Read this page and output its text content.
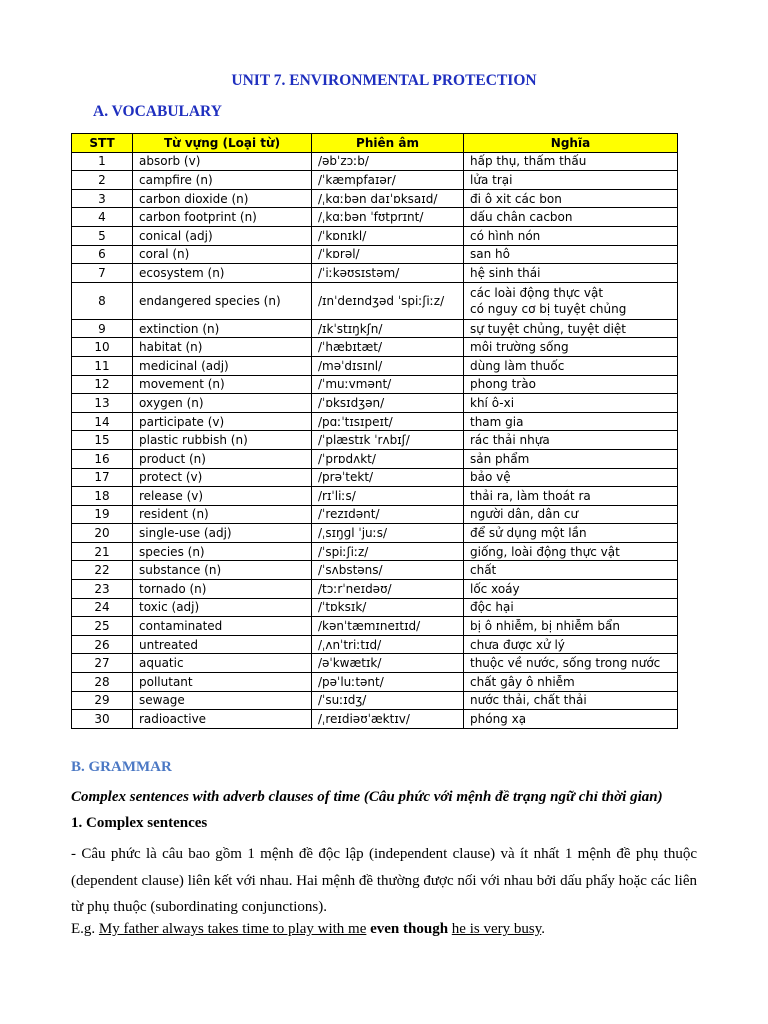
UNIT 7. ENVIRONMENTAL PROTECTION
A. VOCABULARY
STT	Từ vựng (Loại từ)	Phiên âm	Nghĩa
1	absorb (v)	/əbˈzɔːb/	hấp thụ, thấm thấu
2	campfire (n)	/ˈkæmpfaɪər/	lửa trại
3	carbon dioxide (n)	/ˌkɑːbən daɪˈɒksaɪd/	đi ô xit các bon
4	carbon footprint (n)	/ˌkɑːbən ˈfʊtprɪnt/	dấu chân cacbon
5	conical (adj)	/ˈkɒnɪkl/	có hình nón
6	coral (n)	/ˈkɒrəl/	san hô
7	ecosystem (n)	/ˈiːkəʊsɪstəm/	hệ sinh thái
8	endangered species (n)	/ɪnˈdeɪndʒəd ˈspiːʃiːz/	các loài động thực vật
có nguy cơ bị tuyệt chủng

9	extinction (n)	/ɪkˈstɪŋkʃn/	sự tuyệt chủng, tuyệt diệt
10	habitat (n)	/ˈhæbɪtæt/	môi trường sống
11	medicinal (adj)	/məˈdɪsɪnl/	dùng làm thuốc
12	movement (n)	/ˈmuːvmənt/	phong trào
13	oxygen (n)	/ˈɒksɪdʒən/	khí ô-xi
14	participate (v)	/pɑːˈtɪsɪpeɪt/	tham gia
15	plastic rubbish (n)	/ˈplæstɪk ˈrʌbɪʃ/	rác thải nhựa
16	product (n)	/ˈprɒdʌkt/	sản phẩm
17	protect (v)	/prəˈtekt/	bảo vệ
18	release (v)	/rɪˈliːs/	thải ra, làm thoát ra
19	resident (n)	/ˈrezɪdənt/	người dân, dân cư
20	single-use (adj)	/ˌsɪŋɡl ˈjuːs/	để sử dụng một lần
21	species (n)	/ˈspiːʃiːz/	giống, loài động thực vật
22	substance (n)	/ˈsʌbstəns/	chất
23	tornado (n)	/tɔːrˈneɪdəʊ/	lốc xoáy
24	toxic (adj)	/ˈtɒksɪk/	độc hại
25	contaminated	/kənˈtæmɪneɪtɪd/	bị ô nhiễm, bị nhiễm bẩn
26	untreated	/ˌʌnˈtriːtɪd/	chưa được xử lý
27	aquatic	/əˈkwætɪk/	thuộc về nước, sống trong nước
28	pollutant	/pəˈluːtənt/	chất gây ô nhiễm
29	sewage	/ˈsuːɪdʒ/	nước thải, chất thải
30	radioactive	/ˌreɪdiəʊˈæktɪv/	phóng xạ
B. GRAMMAR
Complex sentences with adverb clauses of time (Câu phức với mệnh đề trạng ngữ chỉ thời gian)
1. Complex sentences
- Câu phức là câu bao gồm 1 mệnh đề độc lập (independent clause) và ít nhất 1 mệnh đề phụ thuộc (dependent clause) liên kết với nhau. Hai mệnh đề thường được nối với nhau bởi dấu phẩy hoặc các liên từ phụ thuộc (subordinating conjunctions).
E.g. My father always takes time to play with me even though he is very busy.
